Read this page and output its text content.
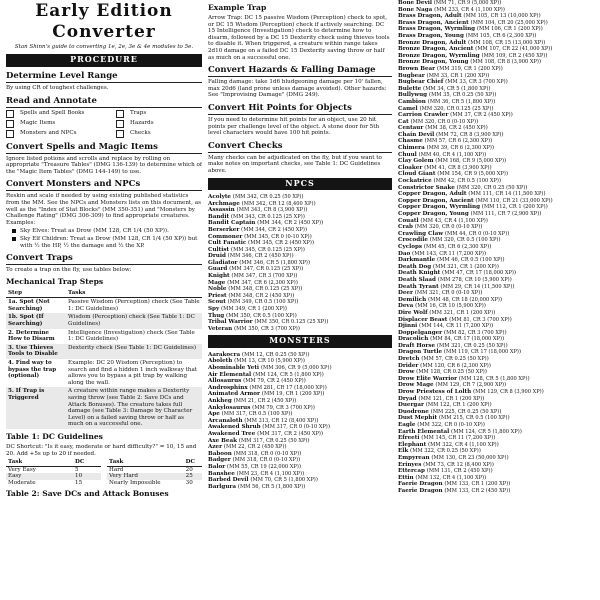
Early Edition
Converter
Stan Shinn's guide to converting 1e, 2e, 3e & 4e modules to 5e.
PROCEDURE
Determine Level Range

By using CR of toughest challenges.

Read and Annotate
Spells and Spell Books	Traps
Magic Items	Hazards
Monsters and NPCs	Checks
Convert Spells and Magic Items

Ignore listed potions and scrolls and replace by rolling on appropriate "Treasure Tables" (DMG 136-139) to determine which of the "Magic Item Tables" (DMG 144-149) to use.

Convert Monsters and NPCs

Reskin and scale if needed by using existing published statistics from the MM. See the NPCs and Monsters lists on this document, as well as the "Index of Stat Blocks" (MM 350-351) and "Monsters by Challenge Rating" (DMG 306-309) to find appropriate creatures. Examples:

Sky Elves: Treat as Drow (MM 128, CR 1/4 (50 XP)).
Sky Elf Children: Treat as Drow (MM 128, CR 1/4 (50 XP)) but with ½ the HP, ½ the damage and ½ the XP.
Convert Traps

To create a trap on the fly, use tables below:

Mechanical Trap Steps
Step	Tasks
1a. Spot (Not Searching)	Passive Wisdom (Perception) check (See Table 1: DC Guidelines)
1b. Spot (If Searching)	Wisdom (Perception) check (See Table 1: DC Guidelines)
2. Determine How to Disarm	Intelligence (Investigation) check (See Table 1: DC Guidelines)
3. Use Thieves Tools to Disable	Dexterity check (See Table 1: DC Guidelines)
4. Find way to bypass the trap (optional)	Example: DC 20 Wisdom (Perception) to search and find a hidden 1 inch walkway that allows you to bypass a pit trap by walking along the wall.
5. If Trap is Triggered	A creature within range makes a Dexterity saving throw (see Table 2: Save DCs and Attack Bonuses). The creature takes full damage (see Table 3: Damage by Character Level) on a failed saving throw or half as much on a successful one.
Table 1: DC Guidelines

DC Shortcut: "Is it easy, moderate or hard difficulty?" = 10, 15 and 20. Add +5s up to 20 if needed.

Task	DC
Very Easy	5
Easy	10
Moderate	15
Task	DC
Hard	20
Very Hard	25
Nearly Impossible	30
Table 2: Save DCs and Attack Bonuses
Example Trap

Arrow Trap: DC 15 passive Wisdom (Perception) check to spot, or DC 15 Wisdom (Perception) check if actively searching. DC 15 Intelligence (Investigation) check to determine how to disarm, followed by a DC 15 Dexterity check using thieves tools to disable it. When triggered, a creature within range takes 2d10 damage on a failed DC 15 Dexterity saving throw or half as much on a successful one.

Convert Hazards & Falling Damage

Falling damage: take 1d6 bludgeoning damage per 10' fallen, max 20d6 (land prone unless damage avoided). Other hazards: See "Improvising Damage" (DMG 249).

Convert Hit Points for Objects

If you need to determine hit points for an object, use 20 hit points per challenge level of the object. A stone door for 5th level characters would have 100 hit points.

Convert Checks

Many checks can be adjudicated on the fly, but if you want to make notes on important checks, see Table 1: DC Guidelines above.

NPCS
Acolyte (MM 342, CR 0.25 (50 XP))
Archmage (MM 342, CR 12 (8,400 XP))
Assassin (MM 343, CR 8 (3,900 XP))
Bandit (MM 343, CR 0.125 (25 XP))
Bandit Captain (MM 344, CR 2 (450 XP))
Berserker (MM 344, CR 2 (450 XP))
Commoner (MM 345, CR 0 (0-10 XP))
Cult Fanatic (MM 345, CR 2 (450 XP))
Cultist (MM 345, CR 0.125 (25 XP))
Druid (MM 346, CR 2 (450 XP))
Gladiator (MM 346, CR 5 (1,800 XP))
Guard (MM 347, CR 0.125 (25 XP))
Knight (MM 347, CR 3 (700 XP))
Mage (MM 347, CR 6 (2,300 XP))
Noble (MM 348, CR 0.125 (25 XP))
Priest (MM 348, CR 2 (450 XP))
Scout (MM 349, CR 0.5 (100 XP))
Spy (MM 349, CR 1 (200 XP))
Thug (MM 350, CR 0.5 (100 XP))
Tribal Warrior (MM 350, CR 0.125 (25 XP))
Veteran (MM 350, CR 3 (700 XP))
MONSTERS
Aarakocra (MM 12, CR 0.25 (50 XP))
Aboleth (MM 13, CR 10 (5,900 XP))
Abominable Yeti (MM 306, CR 9 (5,000 XP))
Air Elemental (MM 124, CR 5 (1,800 XP))
Allosaurus (MM 79, CR 2 (450 XP))
Androsphinx (MM 281, CR 17 (18,000 XP))
Animated Armor (MM 19, CR 1 (200 XP))
Ankheg (MM 21, CR 2 (450 XP))
Ankylosaurus (MM 79, CR 3 (700 XP))
Ape (MM 317, CR 0.5 (100 XP))
Arcanaloth (MM 313, CR 12 (8,400 XP))
Awakened Shrub (MM 317, CR 0 (0-10 XP))
Awakened Tree (MM 317, CR 2 (450 XP))
Axe Beak (MM 317, CR 0.25 (50 XP))
Azer (MM 22, CR 2 (450 XP))
Baboon (MM 318, CR 0 (0-10 XP))
Badger (MM 318, CR 0 (0-10 XP))
Balor (MM 55, CR 19 (22,000 XP))
Banshee (MM 23, CR 4 (1,100 XP))
Barbed Devil (MM 70, CR 5 (1,800 XP))
Barlgura (MM 56, CR 5 (1,800 XP))
Bone Devil (MM 71, CR 9 (5,000 XP))
Bone Naga (MM 233, CR 4 (1,100 XP))
Brass Dragon, Adult (MM 105, CR 13 (10,000 XP))
Brass Dragon, Ancient (MM 104, CR 20 (25,000 XP))
Brass Dragon, Wyrmling (MM 106, CR 1 (200 XP))
Brass Dragon, Young (MM 105, CR 6 (2,300 XP))
Bronze Dragon, Adult (MM 108, CR 15 (13,000 XP))
Bronze Dragon, Ancient (MM 107, CR 22 (41,000 XP))
Bronze Dragon, Wyrmling (MM 109, CR 2 (450 XP))
Bronze Dragon, Young (MM 108, CR 8 (3,900 XP))
Brown Bear (MM 319, CR 1 (200 XP))
Bugbear (MM 33, CR 1 (200 XP))
Bugbear Chief (MM 33, CR 3 (700 XP))
Bulette (MM 34, CR 5 (1,800 XP))
Bullywug (MM 35, CR 0.25 (50 XP))
Cambion (MM 36, CR 5 (1,800 XP))
Camel (MM 320, CR 0.125 (25 XP))
Carrion Crawler (MM 37, CR 2 (450 XP))
Cat (MM 320, CR 0 (0-10 XP))
Centaur (MM 38, CR 2 (450 XP))
Chain Devil (MM 72, CR 8 (3,900 XP))
Chasme (MM 57, CR 6 (2,300 XP))
Chimera (MM 39, CR 6 (2,300 XP))
Chuul (MM 40, CR 4 (1,100 XP))
Clay Golem (MM 168, CR 9 (5,000 XP))
Cloaker (MM 41, CR 8 (3,900 XP))
Cloud Giant (MM 154, CR 9 (5,000 XP))
Cockatrice (MM 42, CR 0.5 (100 XP))
Constrictor Snake (MM 320, CR 0.25 (50 XP))
Copper Dragon, Adult (MM 111, CR 14 (11,500 XP))
Copper Dragon, Ancient (MM 110, CR 21 (33,000 XP))
Copper Dragon, Wyrmling (MM 112, CR 1 (200 XP))
Copper Dragon, Young (MM 111, CR 7 (2,900 XP))
Couatl (MM 43, CR 4 (1,100 XP))
Crab (MM 320, CR 0 (0-10 XP))
Crawling Claw (MM 44, CR 0 (0-10 XP))
Crocodile (MM 320, CR 0.5 (100 XP))
Cyclops (MM 45, CR 6 (2,300 XP))
Dao (MM 143, CR 11 (7,200 XP))
Darkmantle (MM 46, CR 0.5 (100 XP))
Death Dog (MM 321, CR 1 (200 XP))
Death Knight (MM 47, CR 17 (18,000 XP))
Death Slaad (MM 278, CR 10 (5,900 XP))
Death Tyrant (MM 29, CR 14 (11,500 XP))
Deer (MM 321, CR 0 (0-10 XP))
Demilich (MM 48, CR 18 (20,000 XP))
Deva (MM 16, CR 10 (5,900 XP))
Dire Wolf (MM 321, CR 1 (200 XP))
Displacer Beast (MM 81, CR 3 (700 XP))
Djinni (MM 144, CR 11 (7,200 XP))
Doppelganger (MM 82, CR 3 (700 XP))
Dracolich (MM 84, CR 17 (18,000 XP))
Draft Horse (MM 321, CR 0.25 (50 XP))
Dragon Turtle (MM 119, CR 17 (18,000 XP))
Dretch (MM 57, CR 0.25 (50 XP))
Drider (MM 120, CR 6 (2,300 XP))
Drow (MM 128, CR 0.25 (50 XP))
Drow Elite Warrior (MM 128, CR 5 (1,800 XP))
Drow Mage (MM 129, CR 7 (2,900 XP))
Drow Priestess of Lolth (MM 129, CR 8 (3,900 XP))
Dryad (MM 121, CR 1 (200 XP))
Duergar (MM 122, CR 1 (200 XP))
Duodrone (MM 225, CR 0.25 (50 XP))
Dust Mephit (MM 215, CR 0.5 (100 XP))
Eagle (MM 322, CR 0 (0-10 XP))
Earth Elemental (MM 124, CR 5 (1,800 XP))
Efreeti (MM 145, CR 11 (7,200 XP))
Elephant (MM 322, CR 4 (1,100 XP))
Elk (MM 322, CR 0.25 (50 XP))
Empyrean (MM 130, CR 23 (50,000 XP))
Erinyes (MM 73, CR 12 (8,400 XP))
Ettercap (MM 131, CR 2 (450 XP))
Ettin (MM 132, CR 4 (1,100 XP))
Faerie Dragon (MM 133, CR 1 (200 XP))
Faerie Dragon (MM 133, CR 2 (450 XP))
